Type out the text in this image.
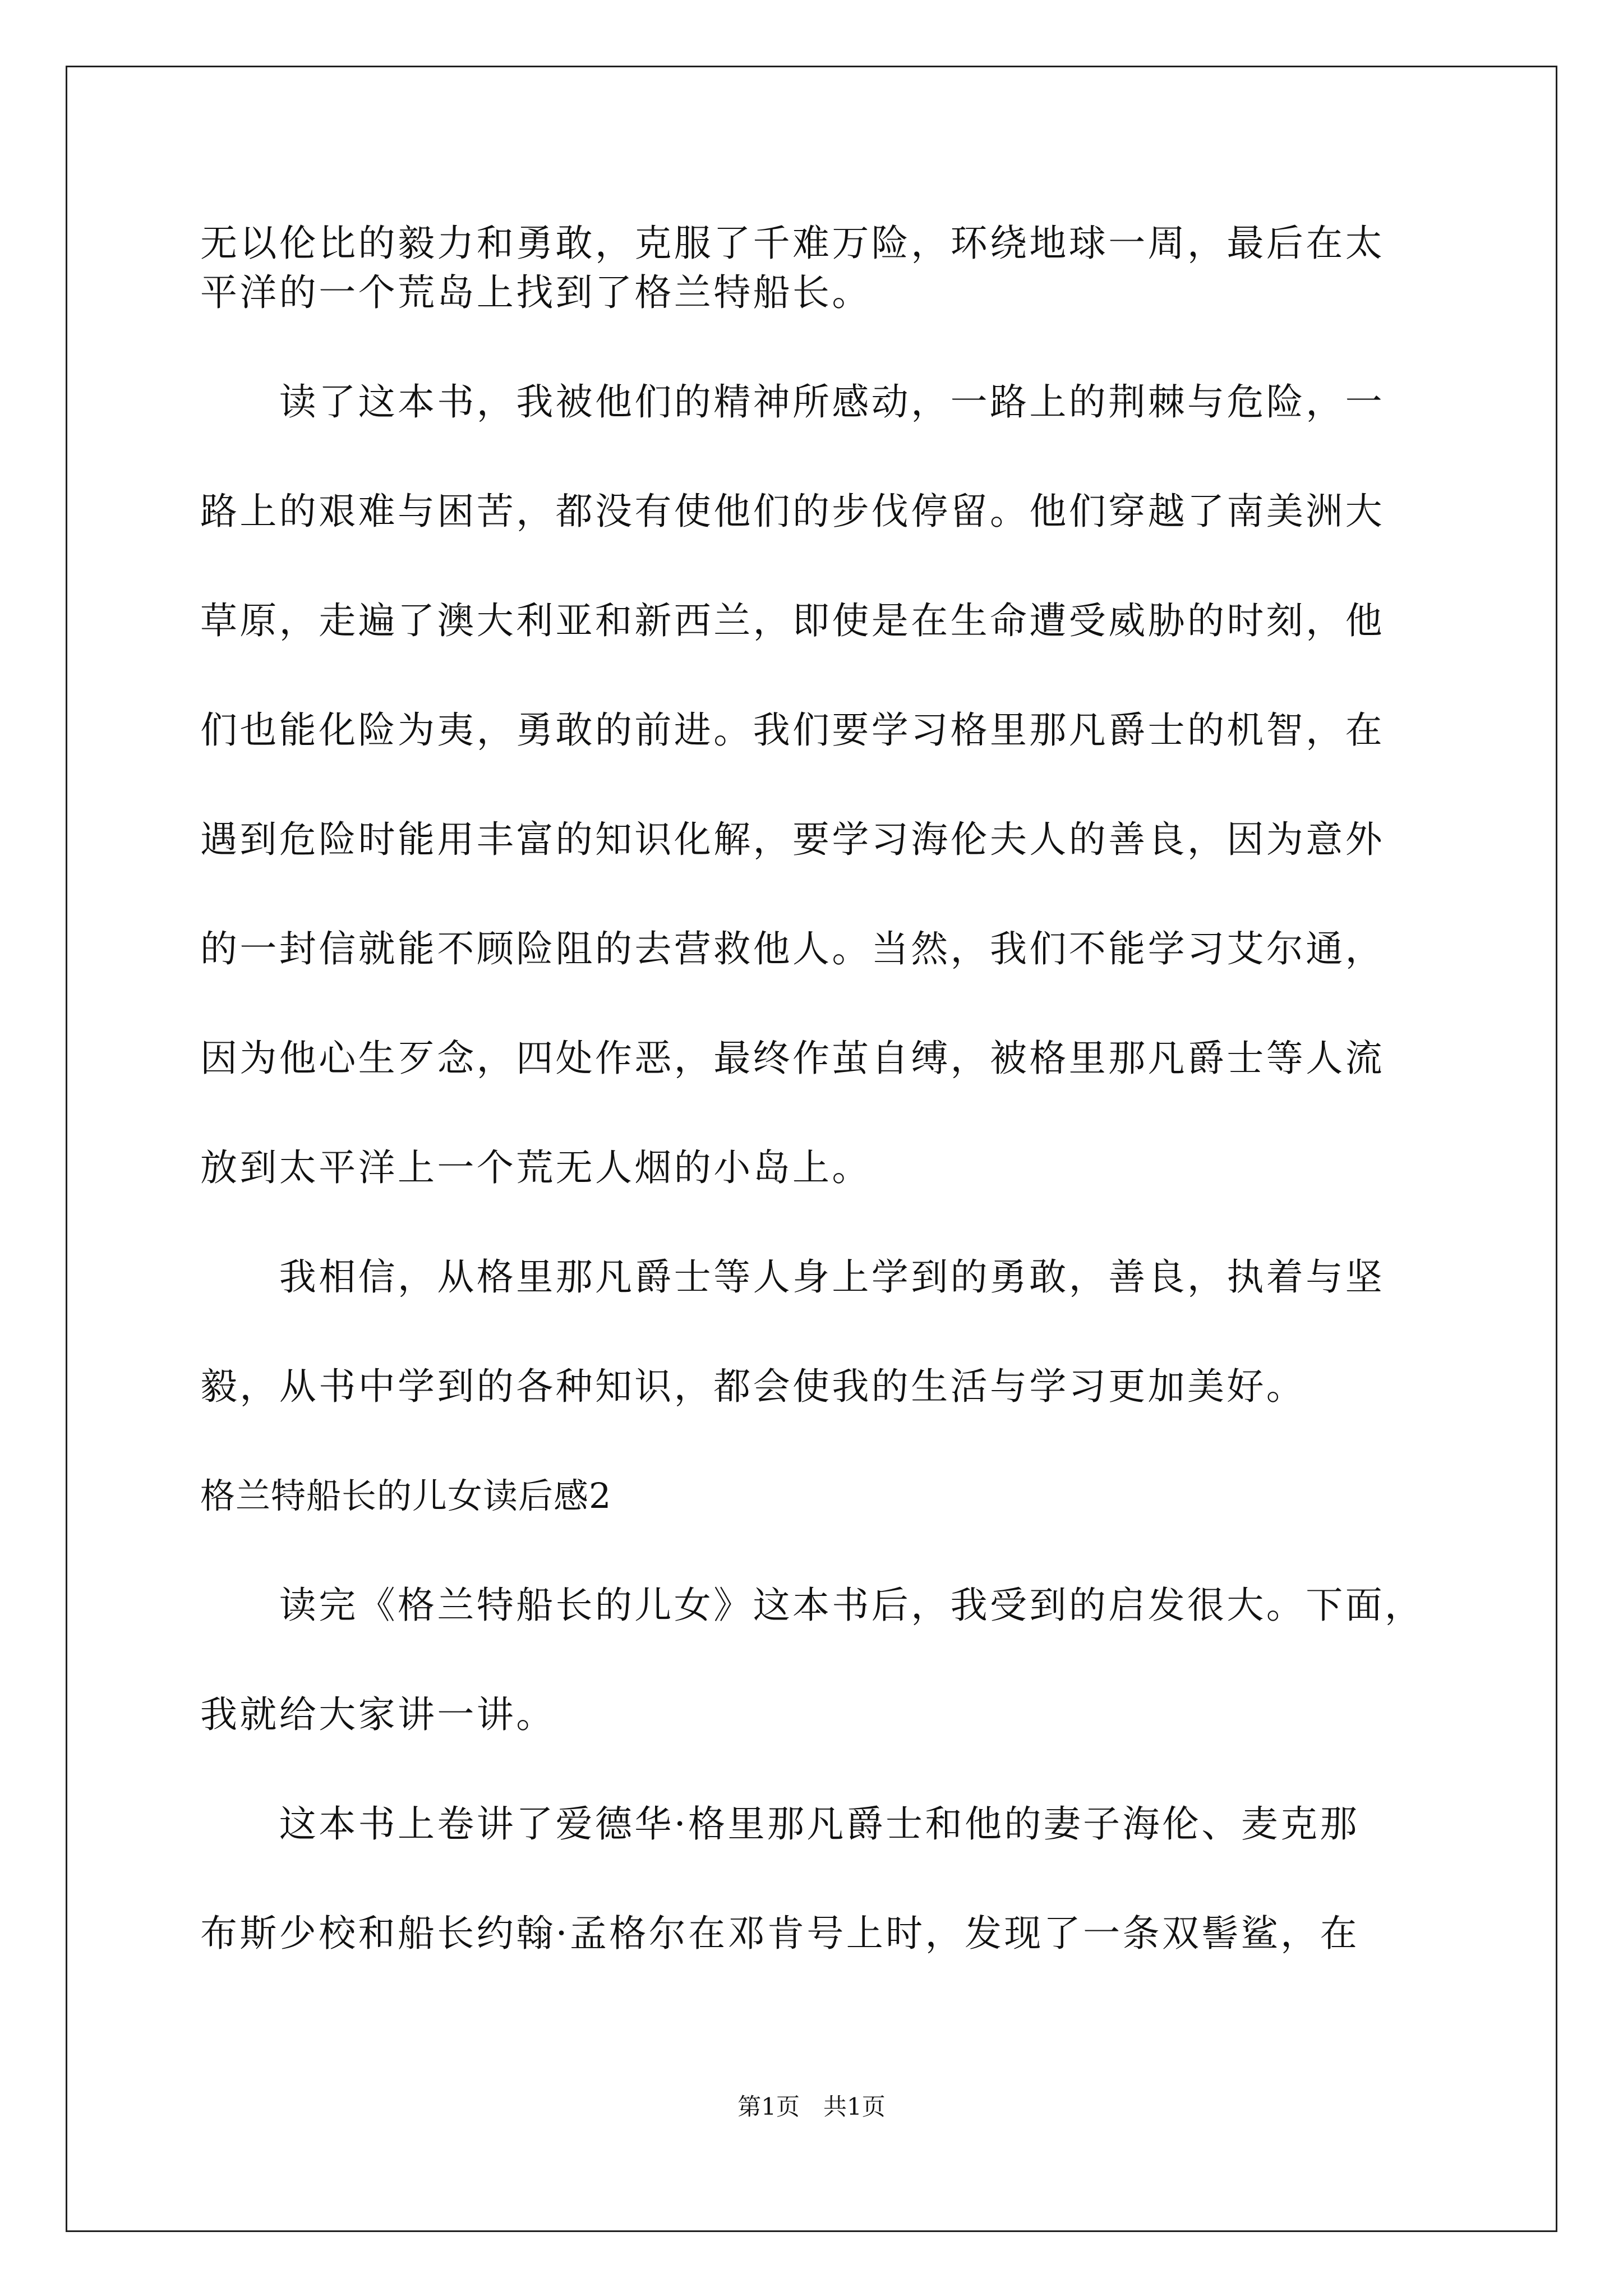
无以伦比的毅力和勇敢，克服了千难万险，环绕地球一周，最后在太
平洋的一个荒岛上找到了格兰特船长。
　　读了这本书，我被他们的精神所感动，一路上的荆棘与危险，一
路上的艰难与困苦，都没有使他们的步伐停留。他们穿越了南美洲大
草原，走遍了澳大利亚和新西兰，即使是在生命遭受威胁的时刻，他
们也能化险为夷，勇敢的前进。我们要学习格里那凡爵士的机智，在
遇到危险时能用丰富的知识化解，要学习海伦夫人的善良，因为意外
的一封信就能不顾险阻的去营救他人。当然，我们不能学习艾尔通，
因为他心生歹念，四处作恶，最终作茧自缚，被格里那凡爵士等人流
放到太平洋上一个荒无人烟的小岛上。
　　我相信，从格里那凡爵士等人身上学到的勇敢，善良，执着与坚
毅，从书中学到的各种知识，都会使我的生活与学习更加美好。
格兰特船长的儿女读后感2
　　读完《格兰特船长的儿女》这本书后，我受到的启发很大。下面，
我就给大家讲一讲。
　　这本书上卷讲了爱德华·格里那凡爵士和他的妻子海伦、麦克那
布斯少校和船长约翰·孟格尔在邓肯号上时，发现了一条双髻鲨，在
第1页　共1页
